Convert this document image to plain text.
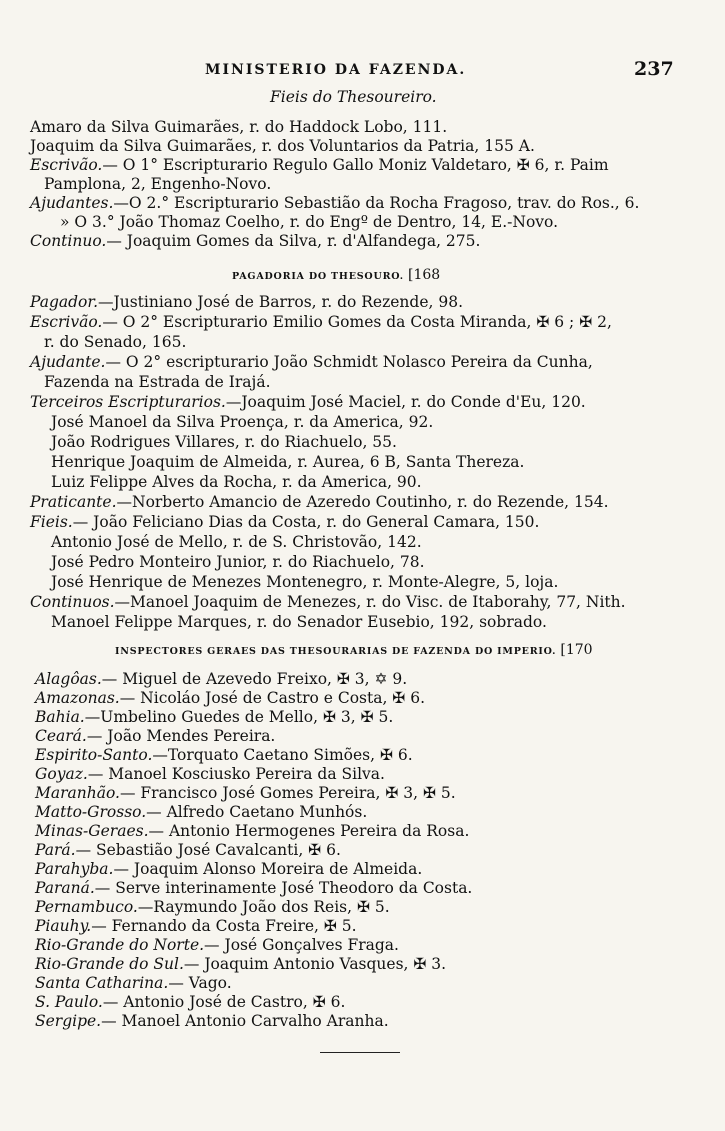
MINISTERIO DA FAZENDA.	237
Fieis do Thesoureiro.
Amaro da Silva Guimarães, r. do Haddock Lobo, 111.
Joaquim da Silva Guimarães, r. dos Voluntarios da Patria, 155 A.
Escrivão.— O 1° Escripturario Regulo Gallo Moniz Valdetaro, ✠ 6, r. Paim
Pamplona, 2, Engenho-Novo.
Ajudantes.—O 2.° Escripturario Sebastião da Rocha Fragoso, trav. do Ros., 6.
» O 3.° João Thomaz Coelho, r. do Engº de Dentro, 14, E.-Novo.
Continuo.— Joaquim Gomes da Silva, r. d'Alfandega, 275.
PAGADORIA DO THESOURO. [168
Pagador.—Justiniano José de Barros, r. do Rezende, 98.
Escrivão.— O 2° Escripturario Emilio Gomes da Costa Miranda, ✠ 6 ; ✠ 2,
r. do Senado, 165.
Ajudante.— O 2° escripturario João Schmidt Nolasco Pereira da Cunha,
Fazenda na Estrada de Irajá.
Terceiros Escripturarios.—Joaquim José Maciel, r. do Conde d'Eu, 120.
José Manoel da Silva Proença, r. da America, 92.
João Rodrigues Villares, r. do Riachuelo, 55.
Henrique Joaquim de Almeida, r. Aurea, 6 B, Santa Thereza.
Luiz Felippe Alves da Rocha, r. da America, 90.
Praticante.—Norberto Amancio de Azeredo Coutinho, r. do Rezende, 154.
Fieis.— João Feliciano Dias da Costa, r. do General Camara, 150.
Antonio José de Mello, r. de S. Christovão, 142.
José Pedro Monteiro Junior, r. do Riachuelo, 78.
José Henrique de Menezes Montenegro, r. Monte-Alegre, 5, loja.
Continuos.—Manoel Joaquim de Menezes, r. do Visc. de Itaborahy, 77, Nith.
Manoel Felippe Marques, r. do Senador Eusebio, 192, sobrado.
INSPECTORES GERAES DAS THESOURARIAS DE FAZENDA DO IMPERIO. [170
Alagôas.— Miguel de Azevedo Freixo, ✠ 3, ✡ 9.
Amazonas.— Nicoláo José de Castro e Costa, ✠ 6.
Bahia.—Umbelino Guedes de Mello, ✠ 3, ✠ 5.
Ceará.— João Mendes Pereira.
Espirito-Santo.—Torquato Caetano Simões, ✠ 6.
Goyaz.— Manoel Kosciusko Pereira da Silva.
Maranhão.— Francisco José Gomes Pereira, ✠ 3, ✠ 5.
Matto-Grosso.— Alfredo Caetano Munhós.
Minas-Geraes.— Antonio Hermogenes Pereira da Rosa.
Pará.— Sebastião José Cavalcanti, ✠ 6.
Parahyba.— Joaquim Alonso Moreira de Almeida.
Paraná.— Serve interinamente José Theodoro da Costa.
Pernambuco.—Raymundo João dos Reis, ✠ 5.
Piauhy.— Fernando da Costa Freire, ✠ 5.
Rio-Grande do Norte.— José Gonçalves Fraga.
Rio-Grande do Sul.— Joaquim Antonio Vasques, ✠ 3.
Santa Catharina.— Vago.
S. Paulo.— Antonio José de Castro, ✠ 6.
Sergipe.— Manoel Antonio Carvalho Aranha.
